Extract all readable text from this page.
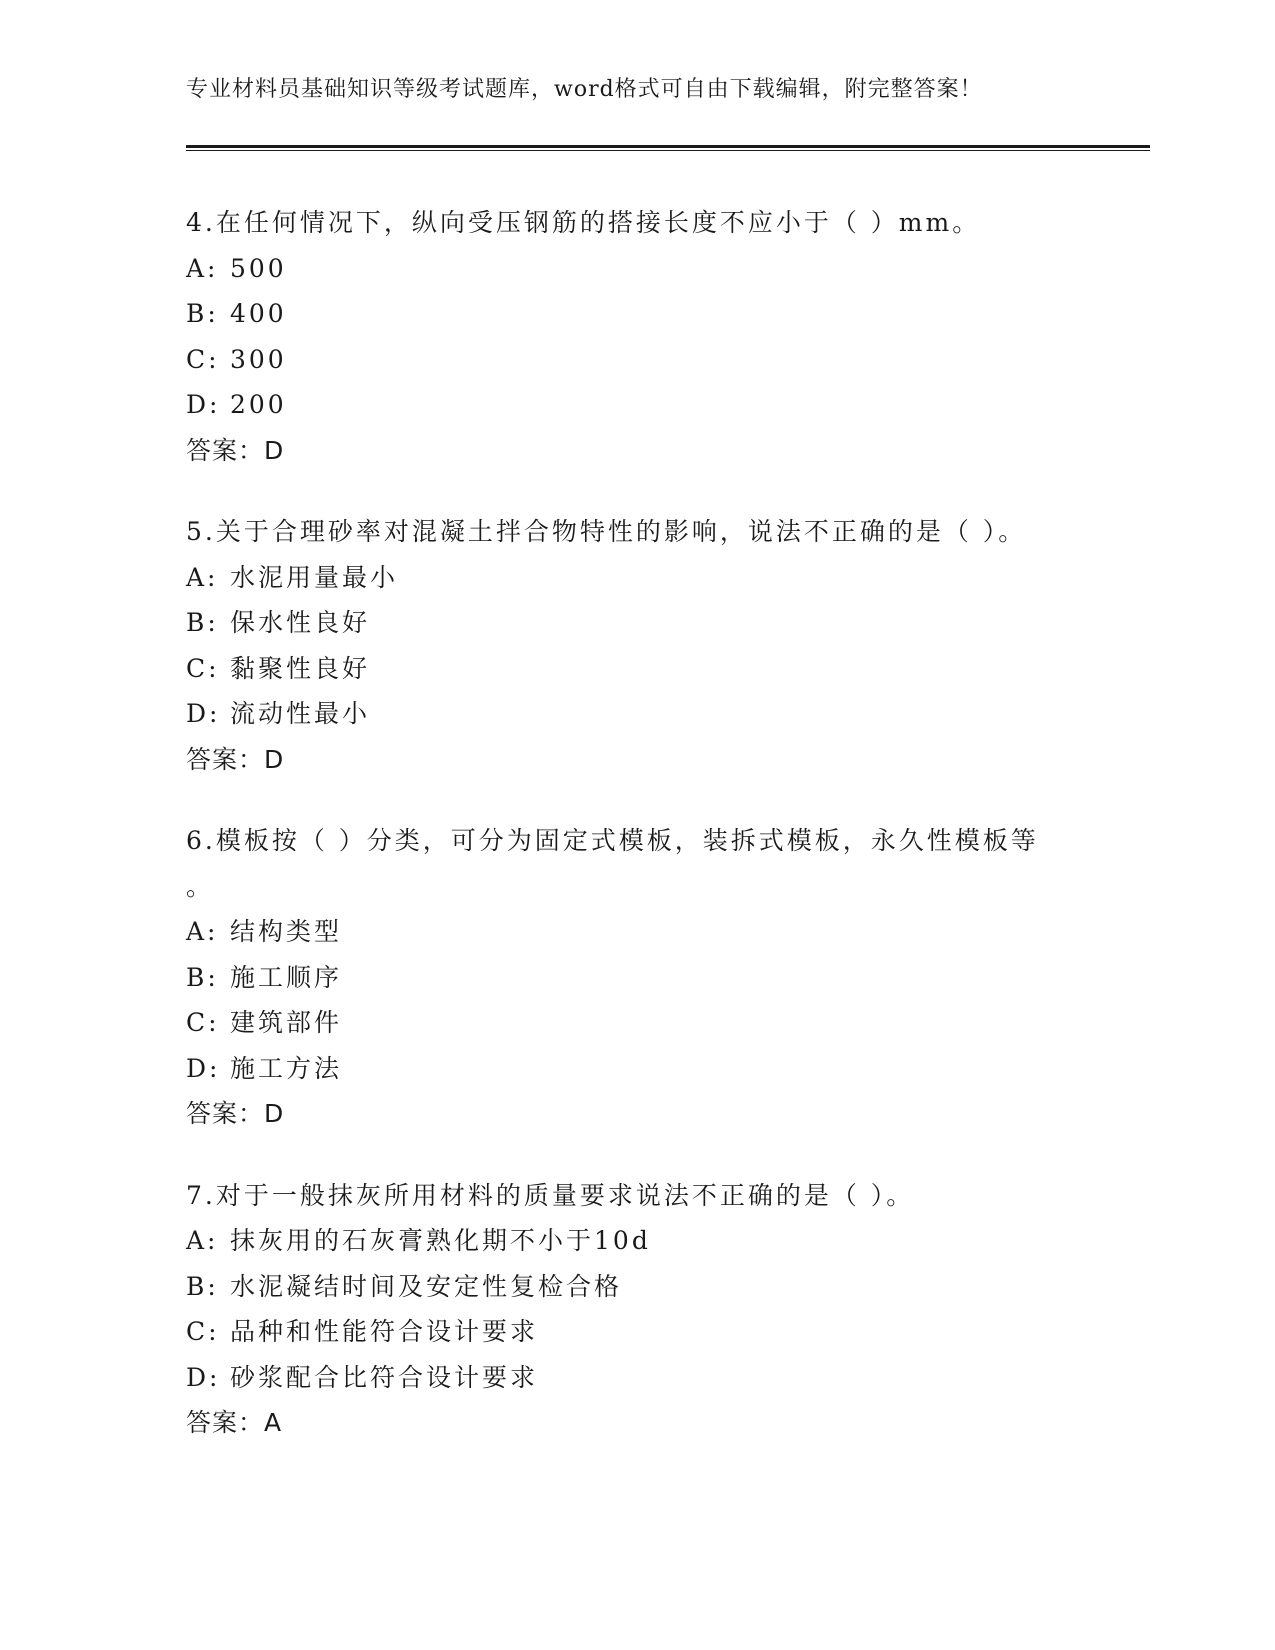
专业材料员基础知识等级考试题库，word格式可自由下载编辑，附完整答案！
4.在任何情况下，纵向受压钢筋的搭接长度不应小于（ ）mm。
A: 500
B: 400
C: 300
D: 200
答案：D
5.关于合理砂率对混凝土拌合物特性的影响，说法不正确的是（ ）。
A: 水泥用量最小
B: 保水性良好
C: 黏聚性良好
D: 流动性最小
答案：D
6.模板按（ ）分类，可分为固定式模板，装拆式模板，永久性模板等
。
A: 结构类型
B: 施工顺序
C: 建筑部件
D: 施工方法
答案：D
7.对于一般抹灰所用材料的质量要求说法不正确的是（ ）。
A: 抹灰用的石灰膏熟化期不小于10d
B: 水泥凝结时间及安定性复检合格
C: 品种和性能符合设计要求
D: 砂浆配合比符合设计要求
答案：A
